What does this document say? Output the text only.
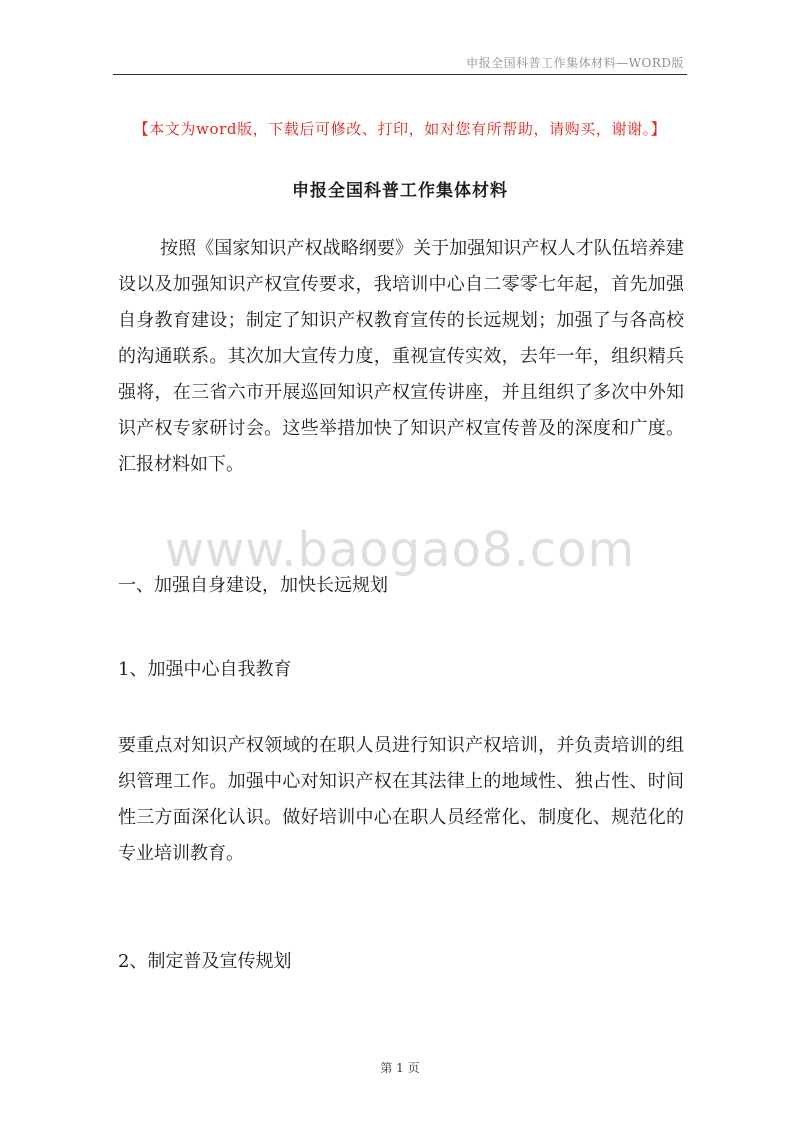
申报全国科普工作集体材料—WORD版
【本文为word版，下载后可修改、打印，如对您有所帮助，请购买，谢谢。】
申报全国科普工作集体材料
按照《国家知识产权战略纲要》关于加强知识产权人才队伍培养建设以及加强知识产权宣传要求，我培训中心自二零零七年起，首先加强自身教育建设；制定了知识产权教育宣传的长远规划；加强了与各高校的沟通联系。其次加大宣传力度，重视宣传实效，去年一年，组织精兵强将，在三省六市开展巡回知识产权宣传讲座，并且组织了多次中外知识产权专家研讨会。这些举措加快了知识产权宣传普及的深度和广度。汇报材料如下。
www.baogao8.com
一、加强自身建设，加快长远规划
1、加强中心自我教育
要重点对知识产权领域的在职人员进行知识产权培训，并负责培训的组织管理工作。加强中心对知识产权在其法律上的地域性、独占性、时间性三方面深化认识。做好培训中心在职人员经常化、制度化、规范化的专业培训教育。
2、制定普及宣传规划
第 1 页
